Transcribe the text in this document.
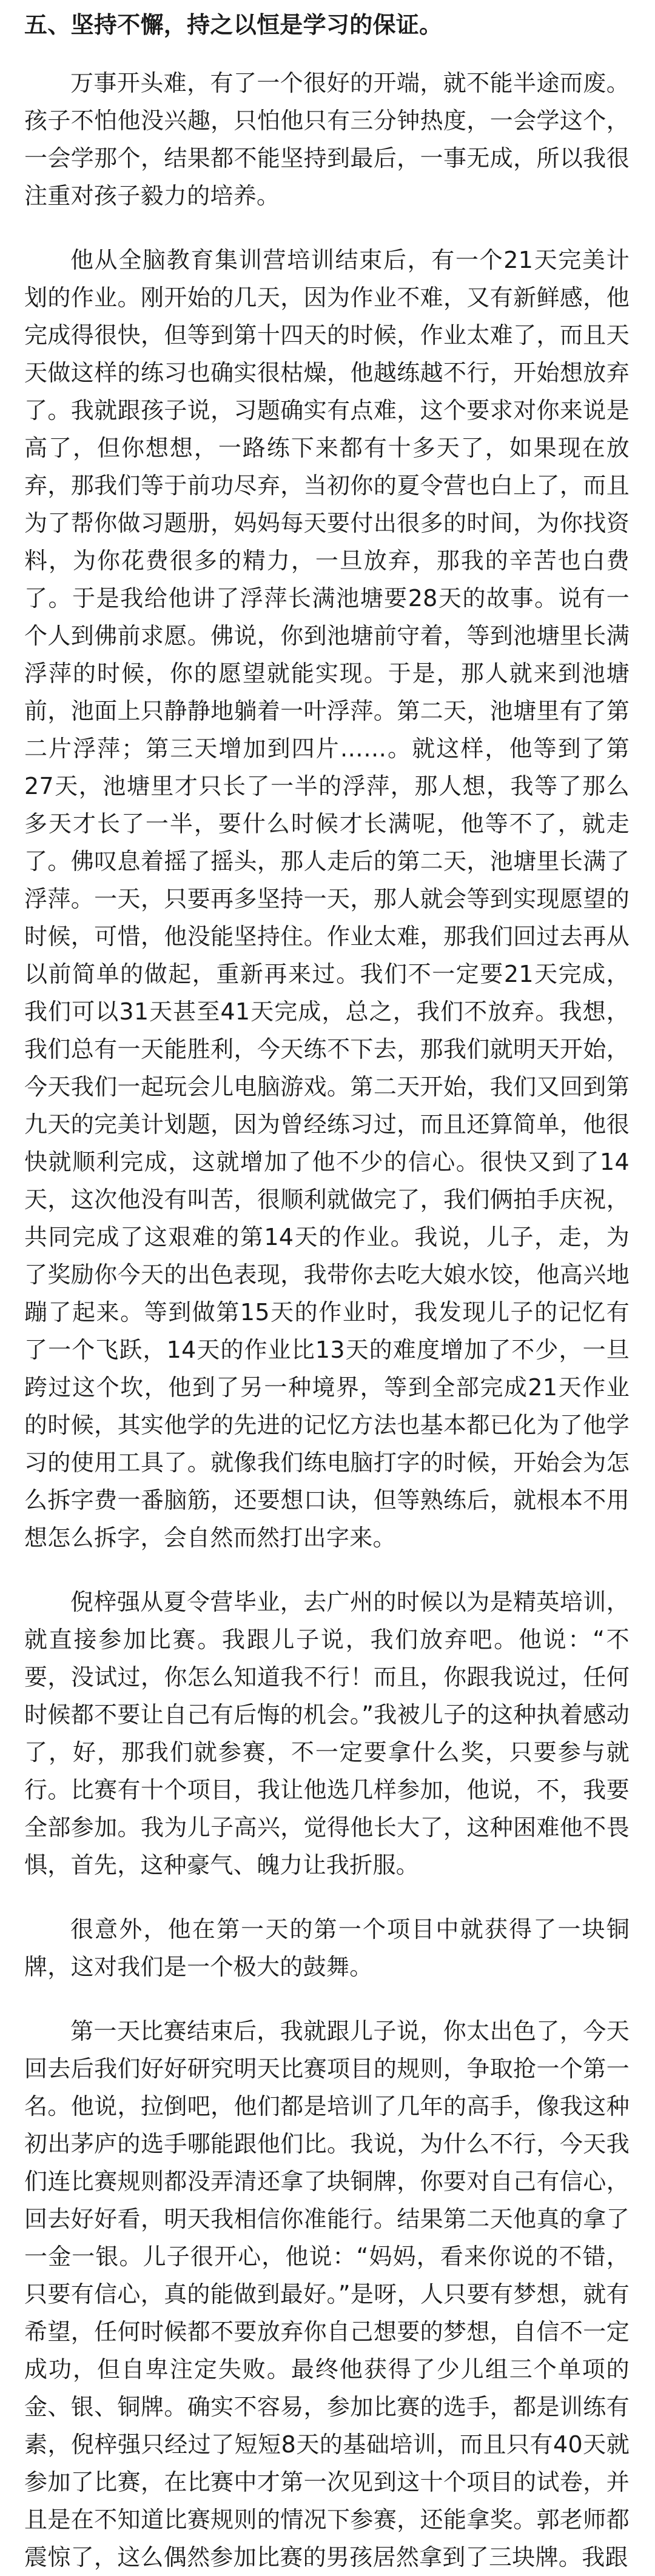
五、坚持不懈，持之以恒是学习的保证。

万事开头难，有了一个很好的开端，就不能半途而废。孩子不怕他没兴趣，只怕他只有三分钟热度，一会学这个，一会学那个，结果都不能坚持到最后，一事无成，所以我很注重对孩子毅力的培养。

他从全脑教育集训营培训结束后，有一个21天完美计划的作业。刚开始的几天，因为作业不难，又有新鲜感，他完成得很快，但等到第十四天的时候，作业太难了，而且天天做这样的练习也确实很枯燥，他越练越不行，开始想放弃了。我就跟孩子说，习题确实有点难，这个要求对你来说是高了，但你想想，一路练下来都有十多天了，如果现在放弃，那我们等于前功尽弃，当初你的夏令营也白上了，而且为了帮你做习题册，妈妈每天要付出很多的时间，为你找资料，为你花费很多的精力，一旦放弃，那我的辛苦也白费了。于是我给他讲了浮萍长满池塘要28天的故事。说有一个人到佛前求愿。佛说，你到池塘前守着，等到池塘里长满浮萍的时候，你的愿望就能实现。于是，那人就来到池塘前，池面上只静静地躺着一叶浮萍。第二天，池塘里有了第二片浮萍；第三天增加到四片……。就这样，他等到了第27天，池塘里才只长了一半的浮萍，那人想，我等了那么多天才长了一半，要什么时候才长满呢，他等不了，就走了。佛叹息着摇了摇头，那人走后的第二天，池塘里长满了浮萍。一天，只要再多坚持一天，那人就会等到实现愿望的时候，可惜，他没能坚持住。作业太难，那我们回过去再从以前简单的做起，重新再来过。我们不一定要21天完成，我们可以31天甚至41天完成，总之，我们不放弃。我想，我们总有一天能胜利，今天练不下去，那我们就明天开始，今天我们一起玩会儿电脑游戏。第二天开始，我们又回到第九天的完美计划题，因为曾经练习过，而且还算简单，他很快就顺利完成，这就增加了他不少的信心。很快又到了14天，这次他没有叫苦，很顺利就做完了，我们俩拍手庆祝，共同完成了这艰难的第14天的作业。我说，儿子，走，为了奖励你今天的出色表现，我带你去吃大娘水饺，他高兴地蹦了起来。等到做第15天的作业时，我发现儿子的记忆有了一个飞跃，14天的作业比13天的难度增加了不少，一旦跨过这个坎，他到了另一种境界，等到全部完成21天作业的时候，其实他学的先进的记忆方法也基本都已化为了他学习的使用工具了。就像我们练电脑打字的时候，开始会为怎么拆字费一番脑筋，还要想口诀，但等熟练后，就根本不用想怎么拆字，会自然而然打出字来。

倪梓强从夏令营毕业，去广州的时候以为是精英培训，就直接参加比赛。我跟儿子说，我们放弃吧。他说：“不要，没试过，你怎么知道我不行！而且，你跟我说过，任何时候都不要让自己有后悔的机会。”我被儿子的这种执着感动了，好，那我们就参赛，不一定要拿什么奖，只要参与就行。比赛有十个项目，我让他选几样参加，他说，不，我要全部参加。我为儿子高兴，觉得他长大了，这种困难他不畏惧，首先，这种豪气、魄力让我折服。

很意外，他在第一天的第一个项目中就获得了一块铜牌，这对我们是一个极大的鼓舞。

第一天比赛结束后，我就跟儿子说，你太出色了，今天回去后我们好好研究明天比赛项目的规则，争取抢一个第一名。他说，拉倒吧，他们都是培训了几年的高手，像我这种初出茅庐的选手哪能跟他们比。我说，为什么不行，今天我们连比赛规则都没弄清还拿了块铜牌，你要对自己有信心，回去好好看，明天我相信你准能行。结果第二天他真的拿了一金一银。儿子很开心，他说：“妈妈，看来你说的不错，只要有信心，真的能做到最好。”是呀，人只要有梦想，就有希望，任何时候都不要放弃你自己想要的梦想，自信不一定成功，但自卑注定失败。最终他获得了少儿组三个单项的金、银、铜牌。确实不容易，参加比赛的选手，都是训练有素，倪梓强只经过了短短8天的基础培训，而且只有40天就参加了比赛，在比赛中才第一次见到这十个项目的试卷，并且是在不知道比赛规则的情况下参赛，还能拿奖。郭老师都震惊了，这么偶然参加比赛的男孩居然拿到了三块牌。我跟
